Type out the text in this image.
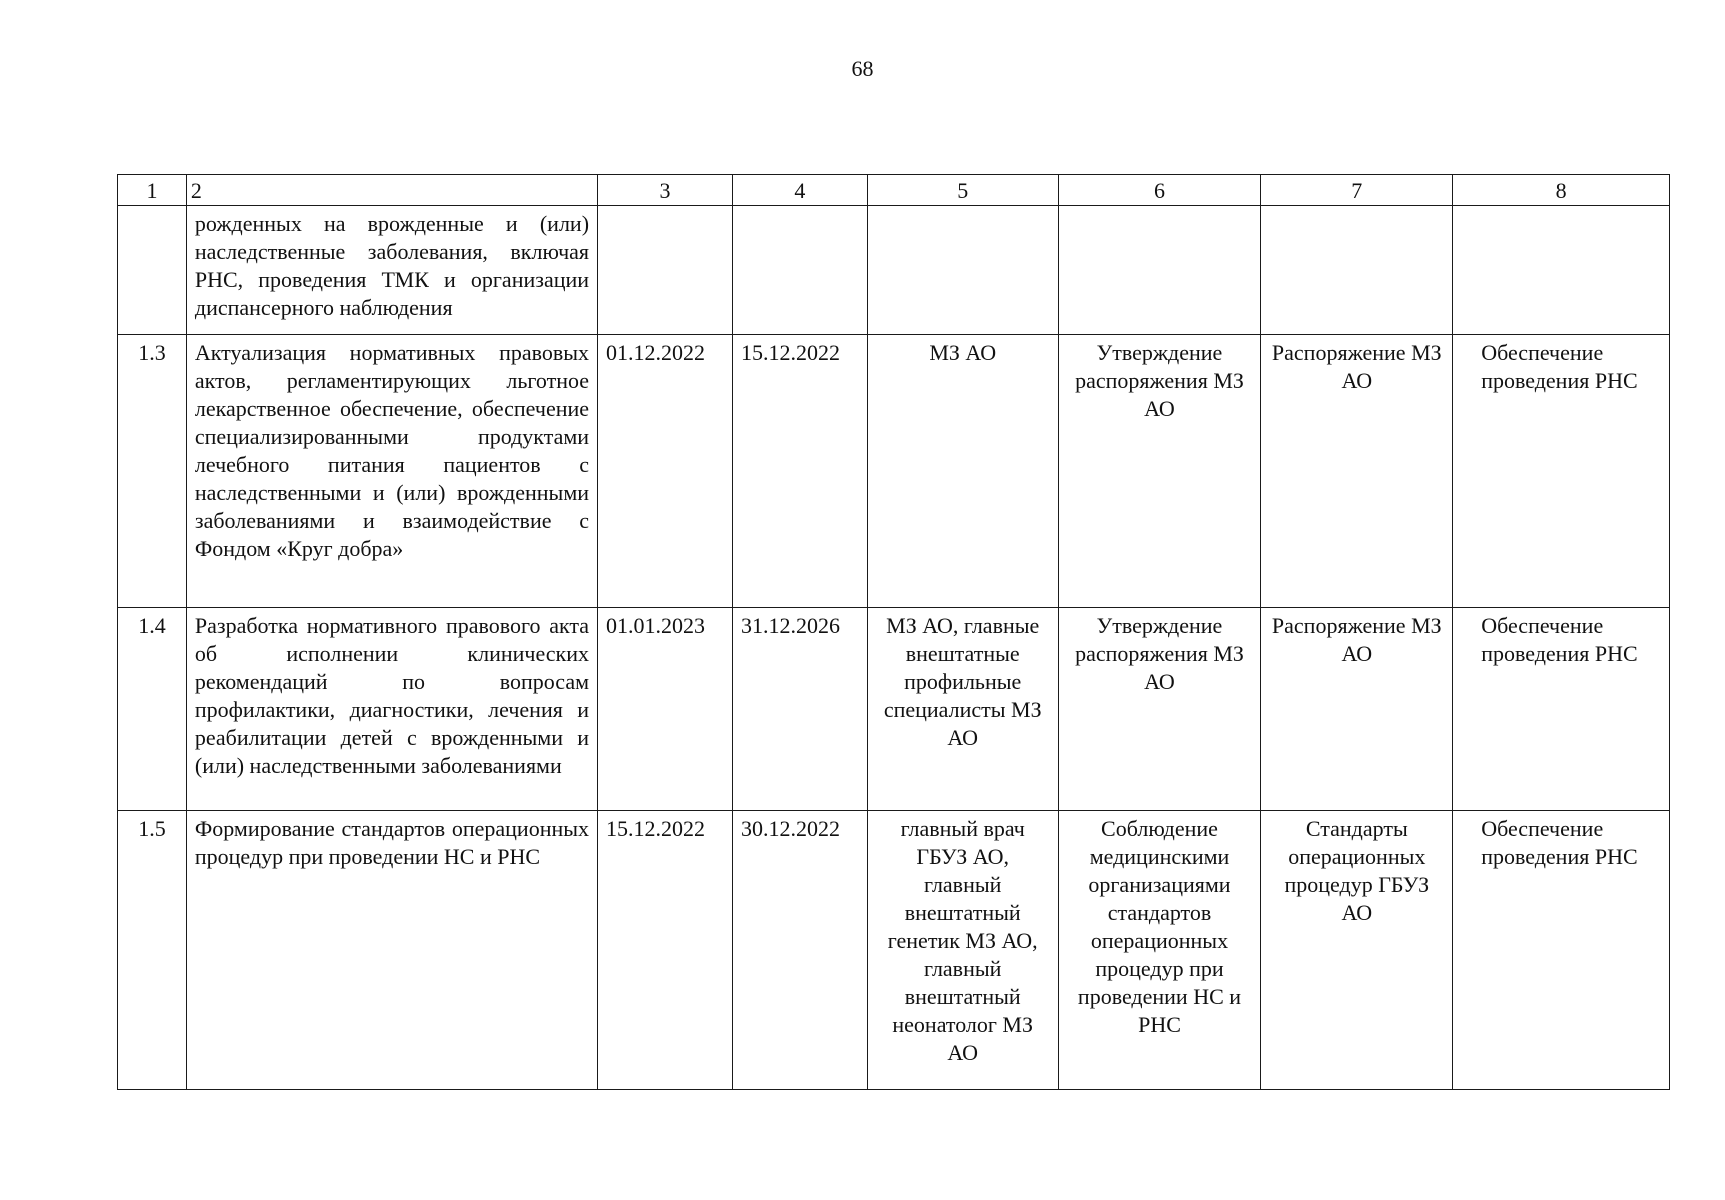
68
1	2	3	4	5	6	7	8
	рожденных на врожденные и (или) наследственные заболевания, включая РНС, проведения ТМК и организации диспансерного наблюдения						
1.3	Актуализация нормативных правовых актов, регламентирующих льготное лекарственное обеспечение, обеспечение специализированными продуктами лечебного питания пациентов с наследственными и (или) врожденными заболеваниями и взаимодействие с Фондом «Круг добра»	01.12.2022	15.12.2022	МЗ АО	Утверждение распоряжения МЗ АО	Распоряжение МЗ АО	Обеспечение проведения РНС
1.4	Разработка нормативного правового акта об исполнении клинических рекомендаций по вопросам профилактики, диагностики, лечения и реабилитации детей с врожденными и (или) наследственными заболеваниями	01.01.2023	31.12.2026	МЗ АО, главные внештатные профильные специалисты МЗ АО	Утверждение распоряжения МЗ АО	Распоряжение МЗ АО	Обеспечение проведения РНС
1.5	Формирование стандартов операционных процедур при проведении НС и РНС	15.12.2022	30.12.2022	главный врач ГБУЗ АО, главный внештатный генетик МЗ АО, главный внештатный неонатолог МЗ АО	Соблюдение медицинскими организациями стандартов операционных процедур при проведении НС и РНС	Стандарты операционных процедур ГБУЗ АО	Обеспечение проведения РНС
